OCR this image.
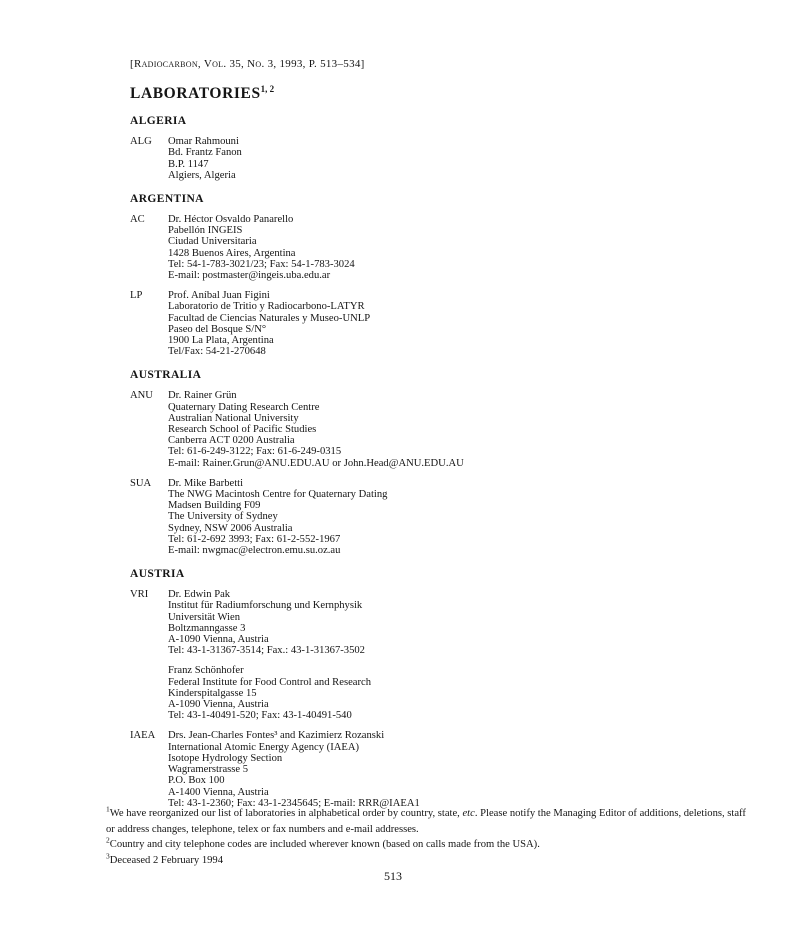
[Radiocarbon, Vol. 35, No. 3, 1993, P. 513–534]
LABORATORIES$^{1, 2}$
ALGERIA
ALG	Omar Rahmouni
Bd. Frantz Fanon
B.P. 1147
Algiers, Algeria
ARGENTINA
AC	Dr. Héctor Osvaldo Panarello
Pabellón INGEIS
Ciudad Universitaria
1428 Buenos Aires, Argentina
Tel: 54-1-783-3021/23; Fax: 54-1-783-3024
E-mail: postmaster@ingeis.uba.edu.ar
LP	Prof. Aníbal Juan Figini
Laboratorio de Tritio y Radiocarbono-LATYR
Facultad de Ciencias Naturales y Museo-UNLP
Paseo del Bosque S/N°
1900 La Plata, Argentina
Tel/Fax: 54-21-270648
AUSTRALIA
ANU	Dr. Rainer Grün
Quaternary Dating Research Centre
Australian National University
Research School of Pacific Studies
Canberra ACT 0200 Australia
Tel: 61-6-249-3122; Fax: 61-6-249-0315
E-mail: Rainer.Grun@ANU.EDU.AU or John.Head@ANU.EDU.AU
SUA	Dr. Mike Barbetti
The NWG Macintosh Centre for Quaternary Dating
Madsen Building F09
The University of Sydney
Sydney, NSW 2006 Australia
Tel: 61-2-692 3993; Fax: 61-2-552-1967
E-mail: nwgmac@electron.emu.su.oz.au
AUSTRIA
VRI	Dr. Edwin Pak
Institut für Radiumforschung und Kernphysik
Universität Wien
Boltzmanngasse 3
A-1090 Vienna, Austria
Tel: 43-1-31367-3514; Fax.: 43-1-31367-3502
Franz Schönhofer
Federal Institute for Food Control and Research
Kinderspitalgasse 15
A-1090 Vienna, Austria
Tel: 43-1-40491-520; Fax: 43-1-40491-540
IAEA	Drs. Jean-Charles Fontes³ and Kazimierz Rozanski
International Atomic Energy Agency (IAEA)
Isotope Hydrology Section
Wagramerstrasse 5
P.O. Box 100
A-1400 Vienna, Austria
Tel: 43-1-2360; Fax: 43-1-2345645; E-mail: RRR@IAEA1
$^1$We have reorganized our list of laboratories in alphabetical order by country, state, etc. Please notify the Managing Editor of additions, deletions, staff or address changes, telephone, telex or fax numbers and e-mail addresses.
$^2$Country and city telephone codes are included wherever known (based on calls made from the USA).
$^3$Deceased 2 February 1994
513
